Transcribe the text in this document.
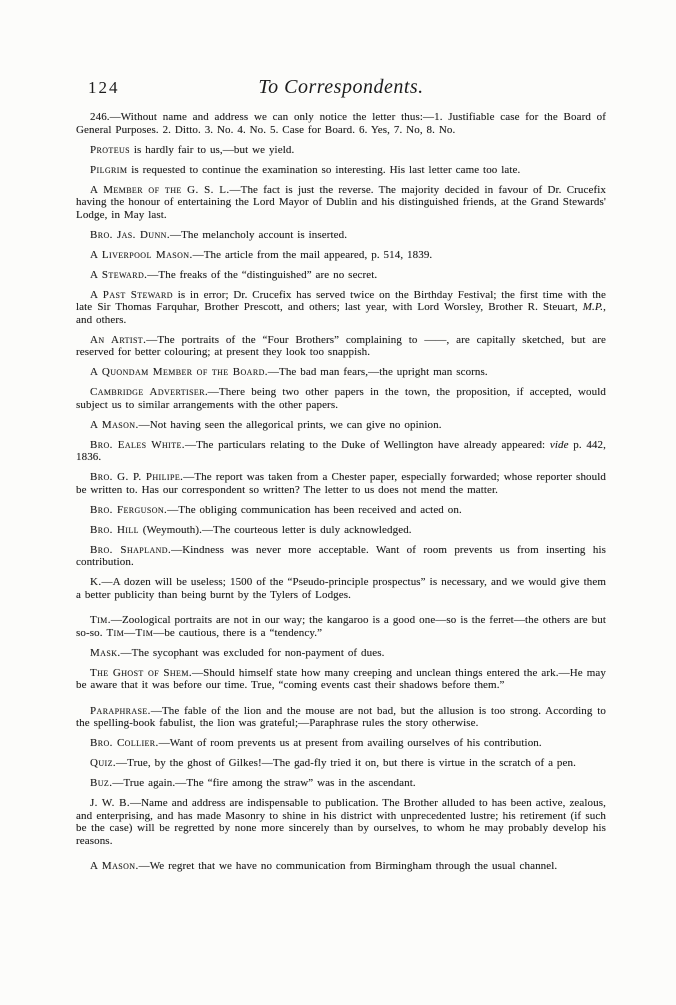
124	To Correspondents.

246.—Without name and address we can only notice the letter thus:—1. Justifiable case for the Board of General Purposes. 2. Ditto. 3. No. 4. No. 5. Case for Board. 6. Yes, 7. No, 8. No.

Proteus is hardly fair to us,—but we yield.

Pilgrim is requested to continue the examination so interesting. His last letter came too late.

A Member of the G. S. L.—The fact is just the reverse. The majority decided in favour of Dr. Crucefix having the honour of entertaining the Lord Mayor of Dublin and his distinguished friends, at the Grand Stewards' Lodge, in May last.

Bro. Jas. Dunn.—The melancholy account is inserted.

A Liverpool Mason.—The article from the mail appeared, p. 514, 1839.

A Steward.—The freaks of the “distinguished” are no secret.

A Past Steward is in error; Dr. Crucefix has served twice on the Birthday Festival; the first time with the late Sir Thomas Farquhar, Brother Prescott, and others; last year, with Lord Worsley, Brother R. Steuart, M.P., and others.

An Artist.—The portraits of the “Four Brothers” complaining to ——, are capitally sketched, but are reserved for better colouring; at present they look too snappish.

A Quondam Member of the Board.—The bad man fears,—the upright man scorns.

Cambridge Advertiser.—There being two other papers in the town, the proposition, if accepted, would subject us to similar arrangements with the other papers.

A Mason.—Not having seen the allegorical prints, we can give no opinion.

Bro. Eales White.—The particulars relating to the Duke of Wellington have already appeared: vide p. 442, 1836.

Bro. G. P. Philipe.—The report was taken from a Chester paper, especially forwarded; whose reporter should be written to. Has our correspondent so written? The letter to us does not mend the matter.

Bro. Ferguson.—The obliging communication has been received and acted on.

Bro. Hill (Weymouth).—The courteous letter is duly acknowledged.

Bro. Shapland.—Kindness was never more acceptable. Want of room prevents us from inserting his contribution.

K.—A dozen will be useless; 1500 of the “Pseudo-principle prospectus” is necessary, and we would give them a better publicity than being burnt by the Tylers of Lodges.

Tim.—Zoological portraits are not in our way; the kangaroo is a good one—so is the ferret—the others are but so-so. Tim—Tim—be cautious, there is a “tendency.”

Mask.—The sycophant was excluded for non-payment of dues.

The Ghost of Shem.—Should himself state how many creeping and unclean things entered the ark.—He may be aware that it was before our time. True, “coming events cast their shadows before them.”

Paraphrase.—The fable of the lion and the mouse are not bad, but the allusion is too strong. According to the spelling-book fabulist, the lion was grateful;—Paraphrase rules the story otherwise.

Bro. Collier.—Want of room prevents us at present from availing ourselves of his contribution.

Quiz.—True, by the ghost of Gilkes!—The gad-fly tried it on, but there is virtue in the scratch of a pen.

Buz.—True again.—The “fire among the straw” was in the ascendant.

J. W. B.—Name and address are indispensable to publication. The Brother alluded to has been active, zealous, and enterprising, and has made Masonry to shine in his district with unprecedented lustre; his retirement (if such be the case) will be regretted by none more sincerely than by ourselves, to whom he may probably develop his reasons.

A Mason.—We regret that we have no communication from Birmingham through the usual channel.
